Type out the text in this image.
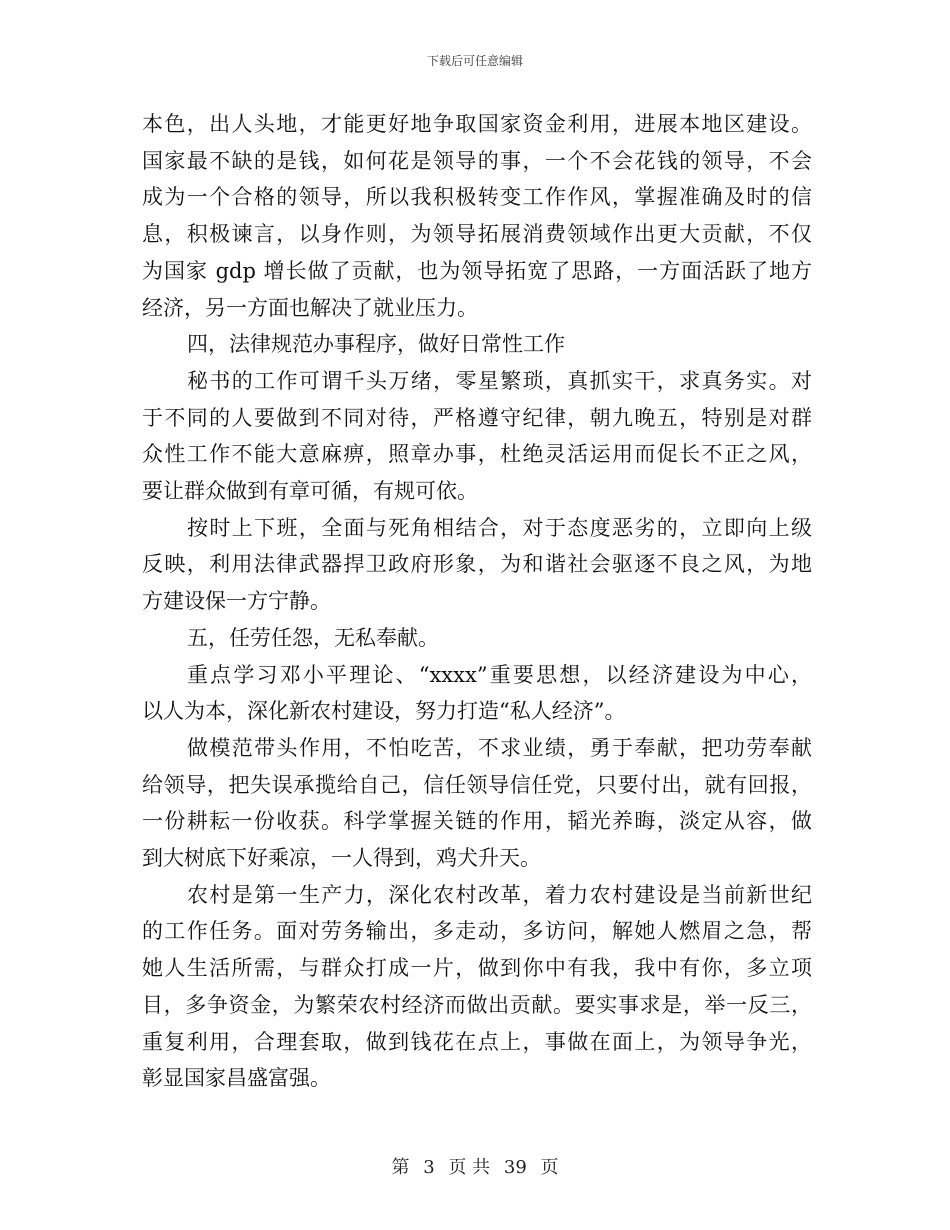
下载后可任意编辑
本色，出人头地，才能更好地争取国家资金利用，进展本地区建设。
国家最不缺的是钱，如何花是领导的事，一个不会花钱的领导，不会
成为一个合格的领导，所以我积极转变工作作风，掌握准确及时的信
息，积极谏言，以身作则，为领导拓展消费领域作出更大贡献，不仅
为国家 gdp 增长做了贡献，也为领导拓宽了思路，一方面活跃了地方
经济，另一方面也解决了就业压力。
四，法律规范办事程序，做好日常性工作
秘书的工作可谓千头万绪，零星繁琐，真抓实干，求真务实。对
于不同的人要做到不同对待，严格遵守纪律，朝九晚五，特别是对群
众性工作不能大意麻痹，照章办事，杜绝灵活运用而促长不正之风，
要让群众做到有章可循，有规可依。
按时上下班，全面与死角相结合，对于态度恶劣的，立即向上级
反映，利用法律武器捍卫政府形象，为和谐社会驱逐不良之风，为地
方建设保一方宁静。
五，任劳任怨，无私奉献。
重点学习邓小平理论、“xxxx”重要思想，以经济建设为中心，
以人为本，深化新农村建设，努力打造“私人经济”。
做模范带头作用，不怕吃苦，不求业绩，勇于奉献，把功劳奉献
给领导，把失误承揽给自己，信任领导信任党，只要付出，就有回报，
一份耕耘一份收获。科学掌握关链的作用，韬光养晦，淡定从容，做
到大树底下好乘凉，一人得到，鸡犬升天。
农村是第一生产力，深化农村改革，着力农村建设是当前新世纪
的工作任务。面对劳务输出，多走动，多访问，解她人燃眉之急，帮
她人生活所需，与群众打成一片，做到你中有我，我中有你，多立项
目，多争资金，为繁荣农村经济而做出贡献。要实事求是，举一反三，
重复利用，合理套取，做到钱花在点上，事做在面上，为领导争光，
彰显国家昌盛富强。
第 3 页 共 39 页
